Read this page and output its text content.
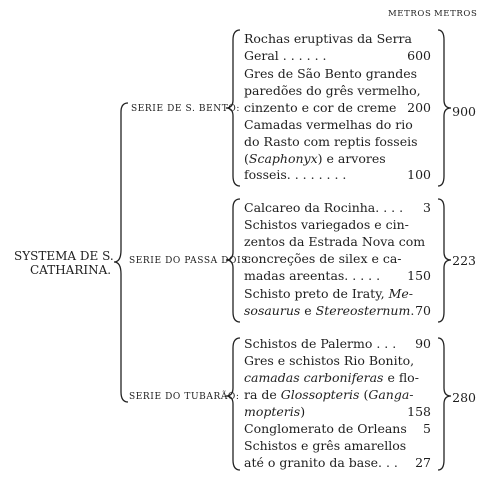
METROS METROS
SYSTEMA DE S.
CATHARINA.
SERIE DE S. BENTO:
SERIE DO PASSA DOIS:
SERIE DO TUBARÃO:
900
223
280
Rochas eruptivas da Serra
Geral . . . . . .	600
Gres de São Bento grandes
paredões do grês vermelho,
cinzento e cor de creme 200
Camadas vermelhas do rio
do Rasto com reptis fosseis
(Scaphonyx) e arvores
fosseis. . . . . . . .	100
Calcareo da Rocinha. . . .	3
Schistos variegados e cin-
zentos da Estrada Nova com
concreções de silex e ca-
madas areentas. . . . . 150
Schisto preto de Iraty, Me-
sosaurus e Stereosternum. 70
Schistos de Palermo . . .	90
Gres e schistos Rio Bonito,
camadas carboniferas e flo-
ra de Glossopteris (Ganga-
mopteris)	158
Conglomerato de Orleans	5
Schistos e grês amarellos
até o granito da base. . .	27
